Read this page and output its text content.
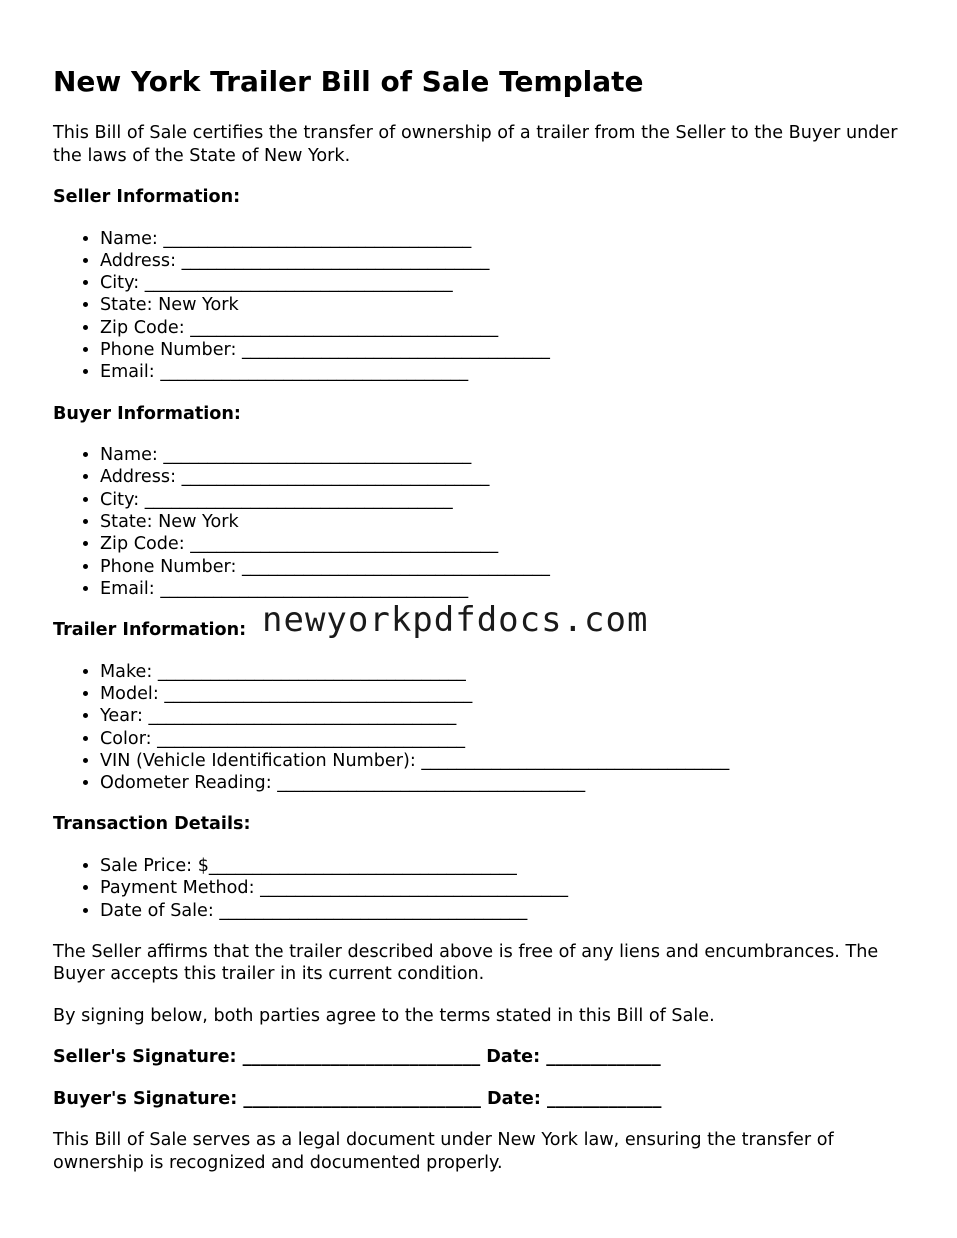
New York Trailer Bill of Sale Template

This Bill of Sale certifies the transfer of ownership of a trailer from the Seller to the Buyer under the laws of the State of New York.

Seller Information:
• Name: ___________________________________
• Address: ___________________________________
• City: ___________________________________
• State: New York
• Zip Code: ___________________________________
• Phone Number: ___________________________________
• Email: ___________________________________
Buyer Information:
• Name: ___________________________________
• Address: ___________________________________
• City: ___________________________________
• State: New York
• Zip Code: ___________________________________
• Phone Number: ___________________________________
• Email: ___________________________________
Trailer Information:
• Make: ___________________________________
• Model: ___________________________________
• Year: ___________________________________
• Color: ___________________________________
• VIN (Vehicle Identification Number): ___________________________________
• Odometer Reading: ___________________________________
Transaction Details:
• Sale Price: $___________________________________
• Payment Method: ___________________________________
• Date of Sale: ___________________________________

The Seller affirms that the trailer described above is free of any liens and encumbrances. The Buyer accepts this trailer in its current condition.

By signing below, both parties agree to the terms stated in this Bill of Sale.

Seller's Signature: ___________________________ Date: _____________

Buyer's Signature: ___________________________ Date: _____________

This Bill of Sale serves as a legal document under New York law, ensuring the transfer of ownership is recognized and documented properly.

newyorkpdfdocs.com
